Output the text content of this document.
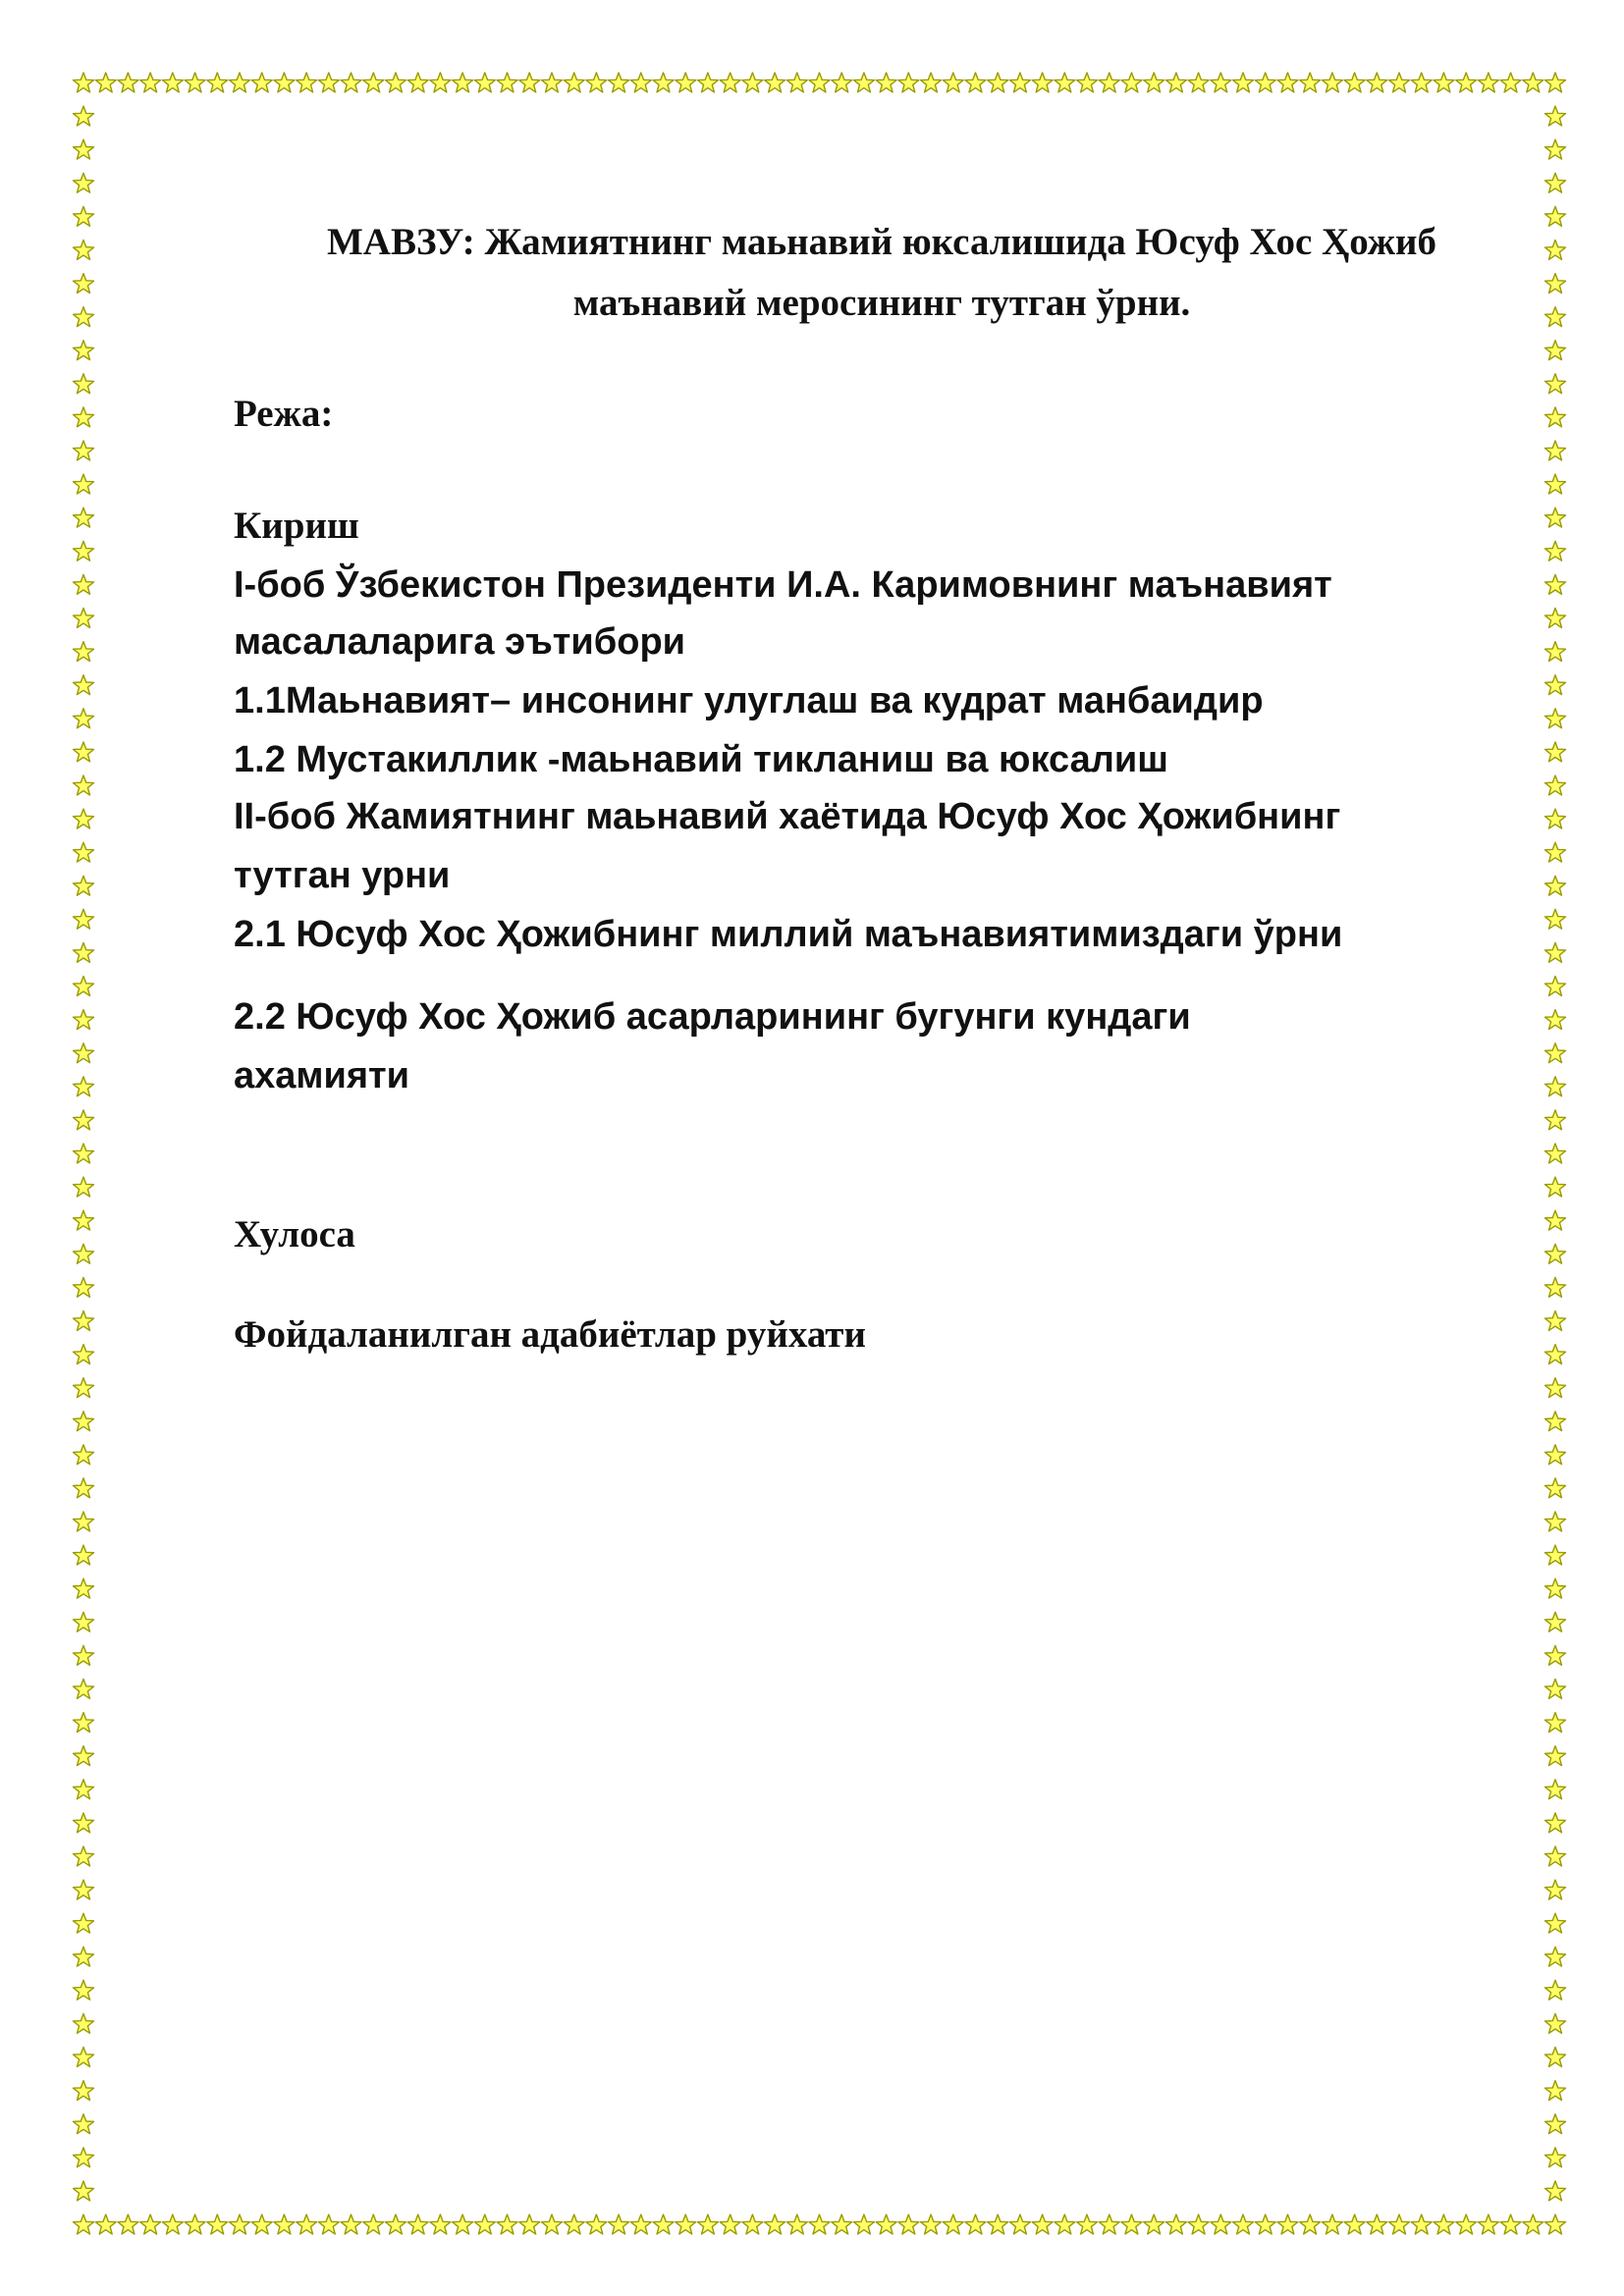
МАВЗУ: Жамиятнинг маьнавий юксалишида Юсуф Хос Ҳожиб
маънавий меросининг тутган ўрни.
Режа:
Кириш
I-боб Ўзбекистон Президенти И.А. Каримовнинг маънавият
масалаларига эътибори
1.1Маьнавият– инсонинг улуглаш ва кудрат манбаидир
1.2 Мустакиллик -маьнавий тикланиш ва юксалиш
II-боб Жамиятнинг маьнавий хаётида Юсуф Хос Ҳожибнинг
тутган урни
2.1 Юсуф Хос Ҳожибнинг миллий маънавиятимиздаги ўрни
2.2 Юсуф Хос Ҳожиб асарларининг бугунги кундаги
ахамияти
Хулоса
Фойдаланилган адабиётлар руйхати
